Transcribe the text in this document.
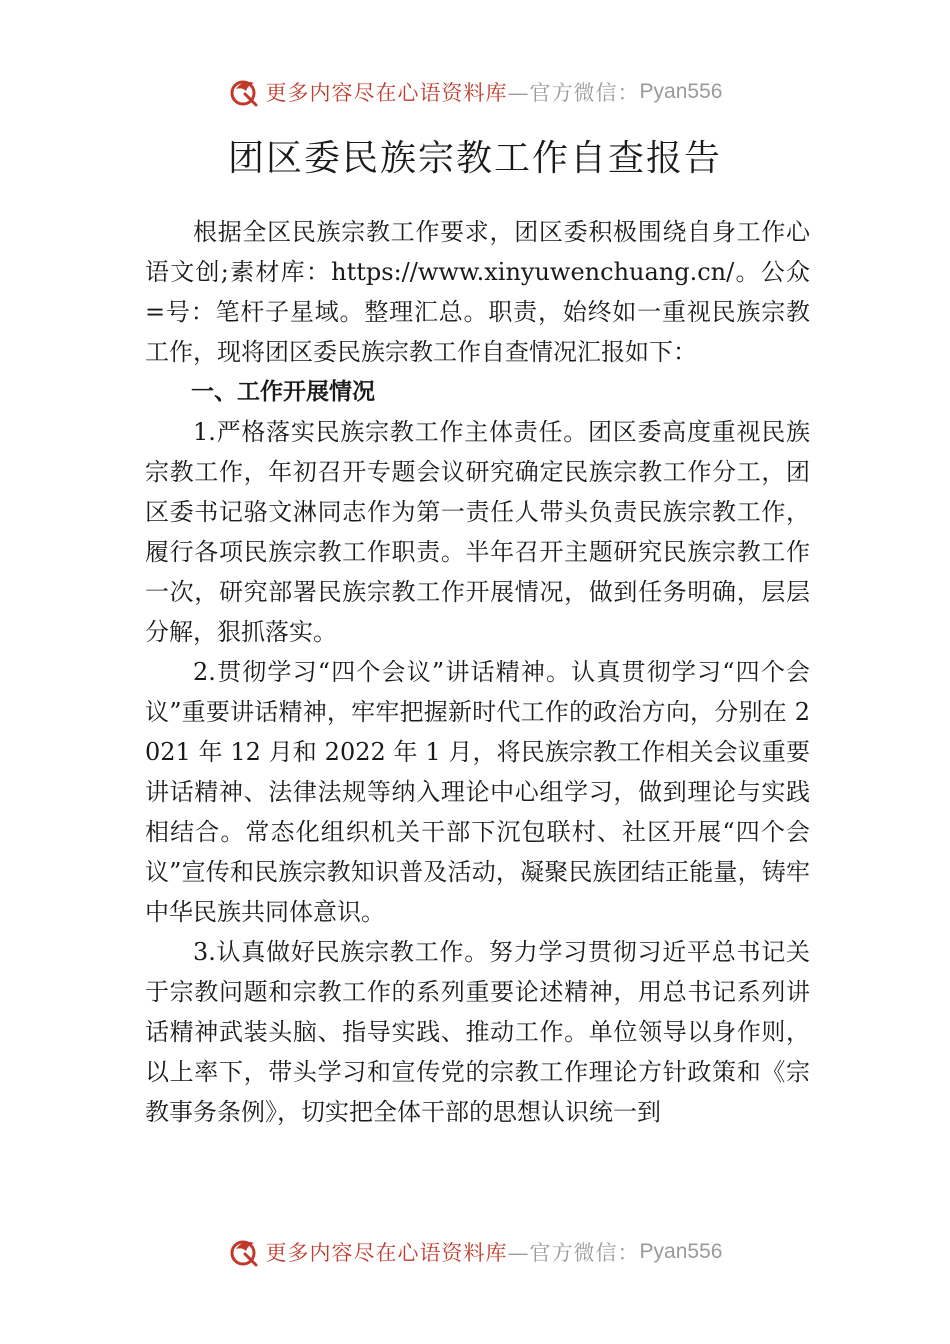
更多内容尽在心语资料库 —官方微信： Pyan556
团区委民族宗教工作自查报告

根据全区民族宗教工作要求，团区委积极围绕自身工作心语文创;素材库：https://www.xinyuwenchuang.cn/。公众=号：笔杆子星域。整理汇总。职责，始终如一重视民族宗教工作，现将团区委民族宗教工作自查情况汇报如下：

一、工作开展情况

1.严格落实民族宗教工作主体责任。团区委高度重视民族宗教工作，年初召开专题会议研究确定民族宗教工作分工，团区委书记骆文淋同志作为第一责任人带头负责民族宗教工作，履行各项民族宗教工作职责。半年召开主题研究民族宗教工作一次，研究部署民族宗教工作开展情况，做到任务明确，层层分解，狠抓落实。

2.贯彻学习“四个会议”讲话精神。认真贯彻学习“四个会议”重要讲话精神，牢牢把握新时代工作的政治方向，分别在 2021 年 12 月和 2022 年 1 月，将民族宗教工作相关会议重要讲话精神、法律法规等纳入理论中心组学习，做到理论与实践相结合。常态化组织机关干部下沉包联村、社区开展“四个会议”宣传和民族宗教知识普及活动，凝聚民族团结正能量，铸牢中华民族共同体意识。

3.认真做好民族宗教工作。努力学习贯彻习近平总书记关于宗教问题和宗教工作的系列重要论述精神，用总书记系列讲话精神武装头脑、指导实践、推动工作。单位领导以身作则，以上率下，带头学习和宣传党的宗教工作理论方针政策和《宗教事务条例》，切实把全体干部的思想认识统一到

更多内容尽在心语资料库 —官方微信： Pyan556
